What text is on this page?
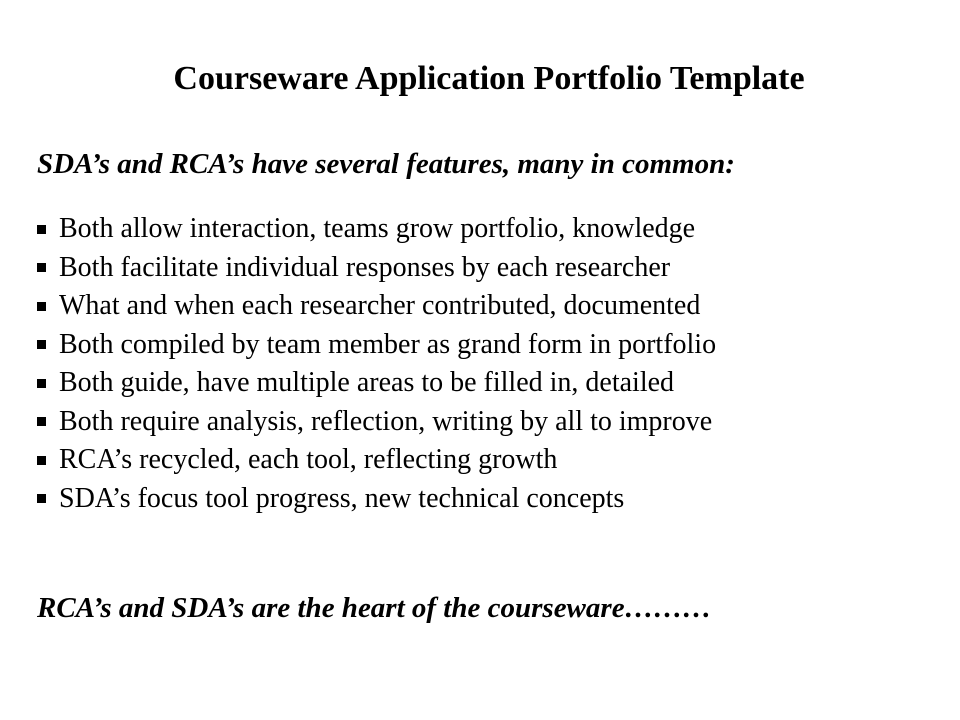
Courseware Application Portfolio Template
SDA’s and RCA’s have several features, many in common:
Both allow interaction, teams grow portfolio, knowledge
Both facilitate individual responses by each researcher
What and when each researcher contributed, documented
Both compiled by team member as grand form in portfolio
Both guide, have multiple areas to be filled in, detailed
Both require analysis, reflection, writing by all to improve
RCA’s recycled, each tool, reflecting growth
SDA’s focus tool progress, new technical concepts
RCA’s and SDA’s are the heart of the courseware………
